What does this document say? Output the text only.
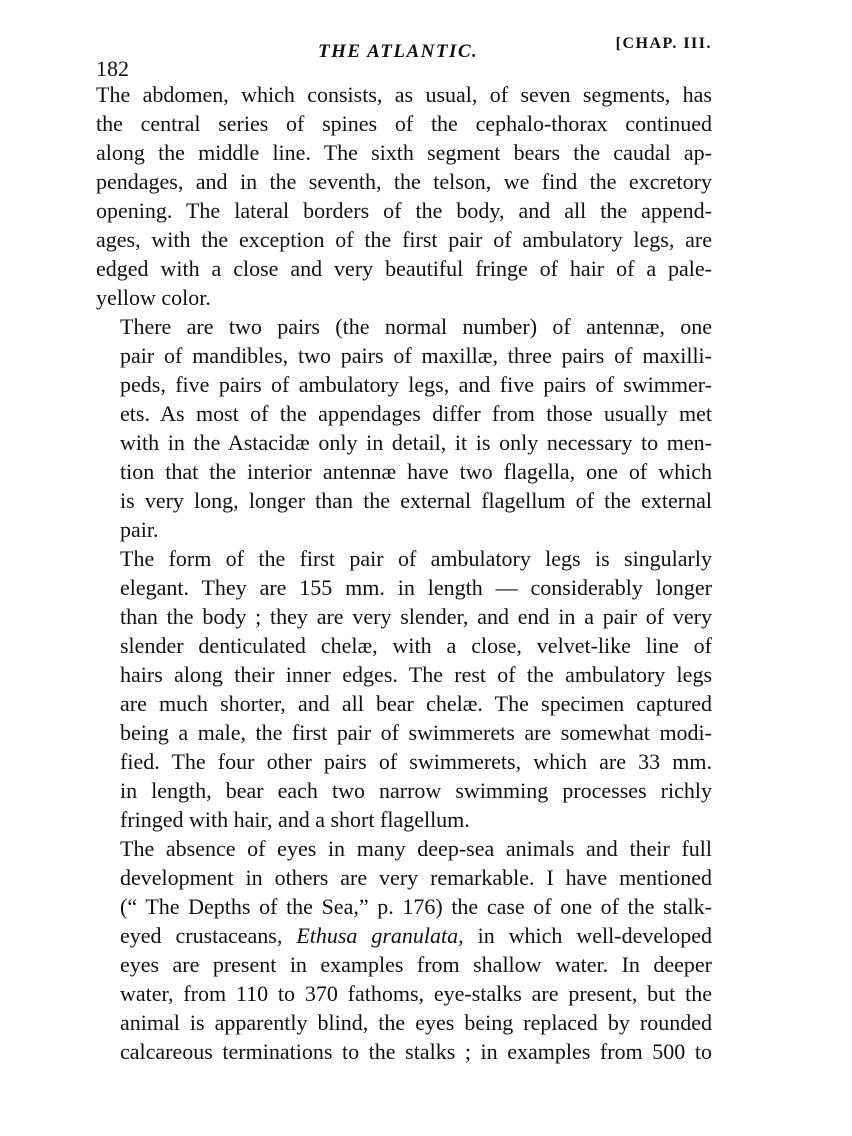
182
THE ATLANTIC.	[CHAP. III.

The abdomen, which consists, as usual, of seven segments, has
the central series of spines of the cephalo-thorax continued
along the middle line. The sixth segment bears the caudal ap-
pendages, and in the seventh, the telson, we find the excretory
opening. The lateral borders of the body, and all the append-
ages, with the exception of the first pair of ambulatory legs, are
edged with a close and very beautiful fringe of hair of a pale-
yellow color.

There are two pairs (the normal number) of antennæ, one
pair of mandibles, two pairs of maxillæ, three pairs of maxilli-
peds, five pairs of ambulatory legs, and five pairs of swimmer-
ets. As most of the appendages differ from those usually met
with in the Astacidæ only in detail, it is only necessary to men-
tion that the interior antennæ have two flagella, one of which
is very long, longer than the external flagellum of the external
pair.

The form of the first pair of ambulatory legs is singularly
elegant. They are 155 mm. in length — considerably longer
than the body ; they are very slender, and end in a pair of very
slender denticulated chelæ, with a close, velvet-like line of
hairs along their inner edges. The rest of the ambulatory legs
are much shorter, and all bear chelæ. The specimen captured
being a male, the first pair of swimmerets are somewhat modi-
fied. The four other pairs of swimmerets, which are 33 mm.
in length, bear each two narrow swimming processes richly
fringed with hair, and a short flagellum.

The absence of eyes in many deep-sea animals and their full
development in others are very remarkable. I have mentioned
(“ The Depths of the Sea,” p. 176) the case of one of the stalk-
eyed crustaceans, Ethusa granulata, in which well-developed
eyes are present in examples from shallow water. In deeper
water, from 110 to 370 fathoms, eye-stalks are present, but the
animal is apparently blind, the eyes being replaced by rounded
calcareous terminations to the stalks ; in examples from 500 to
